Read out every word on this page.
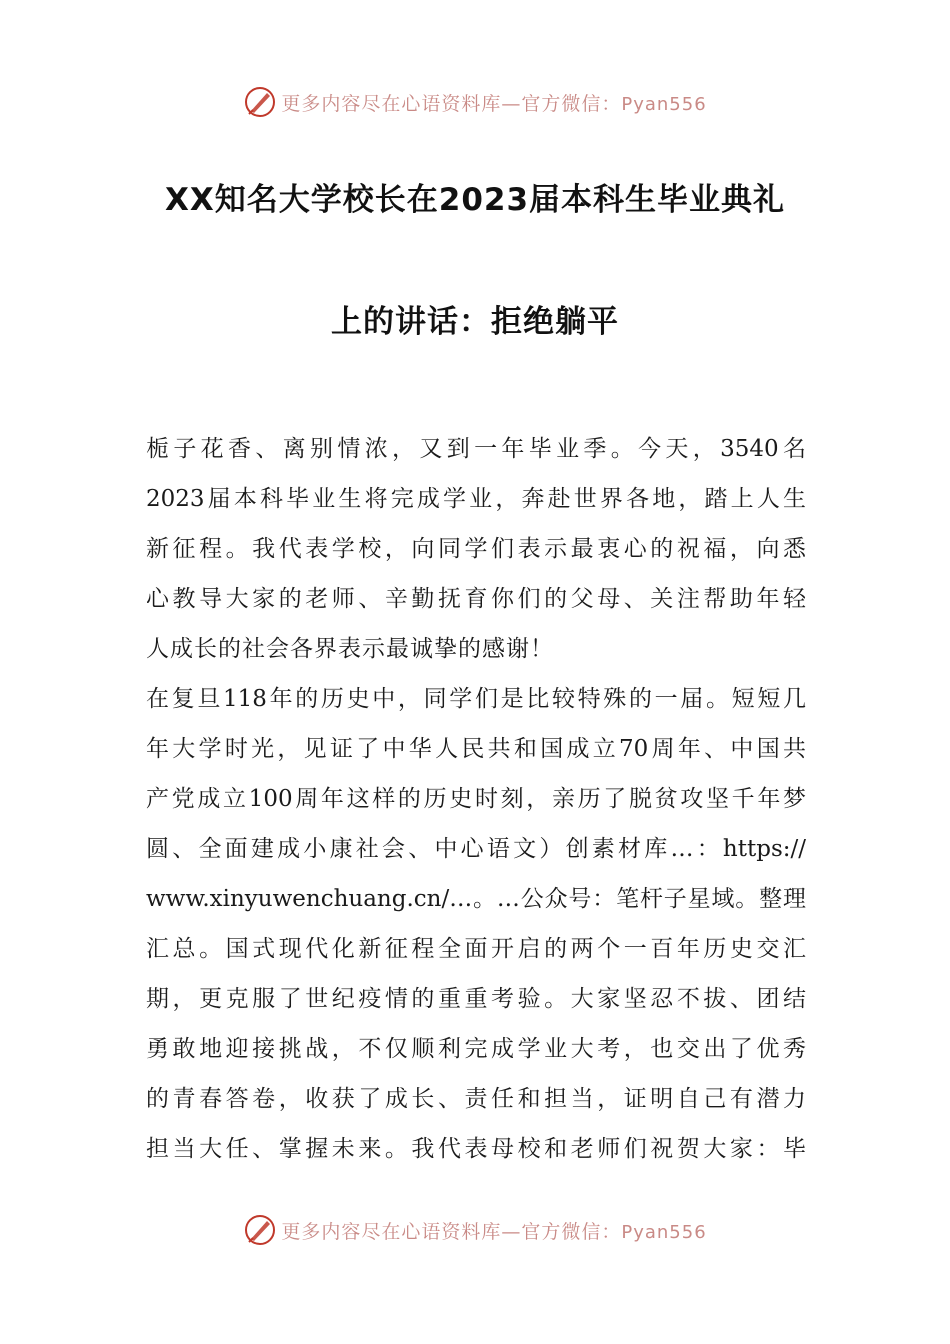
更多内容尽在心语资料库—官方微信：Pyan556
XX知名大学校长在2023届本科生毕业典礼
上的讲话：拒绝躺平
栀子花香、离别情浓，又到一年毕业季。今天，3540名
2023届本科毕业生将完成学业，奔赴世界各地，踏上人生
新征程。我代表学校，向同学们表示最衷心的祝福，向悉
心教导大家的老师、辛勤抚育你们的父母、关注帮助年轻
人成长的社会各界表示最诚挚的感谢！
在复旦118年的历史中，同学们是比较特殊的一届。短短几
年大学时光，见证了中华人民共和国成立70周年、中国共
产党成立100周年这样的历史时刻，亲历了脱贫攻坚千年梦
圆、全面建成小康社会、中心语文）创素材库…：https://
www.xinyuwenchuang.cn/…。…公众号：笔杆子星域。整理
汇总。国式现代化新征程全面开启的两个一百年历史交汇
期，更克服了世纪疫情的重重考验。大家坚忍不拔、团结
勇敢地迎接挑战，不仅顺利完成学业大考，也交出了优秀
的青春答卷，收获了成长、责任和担当，证明自己有潜力
担当大任、掌握未来。我代表母校和老师们祝贺大家：毕
更多内容尽在心语资料库—官方微信：Pyan556
